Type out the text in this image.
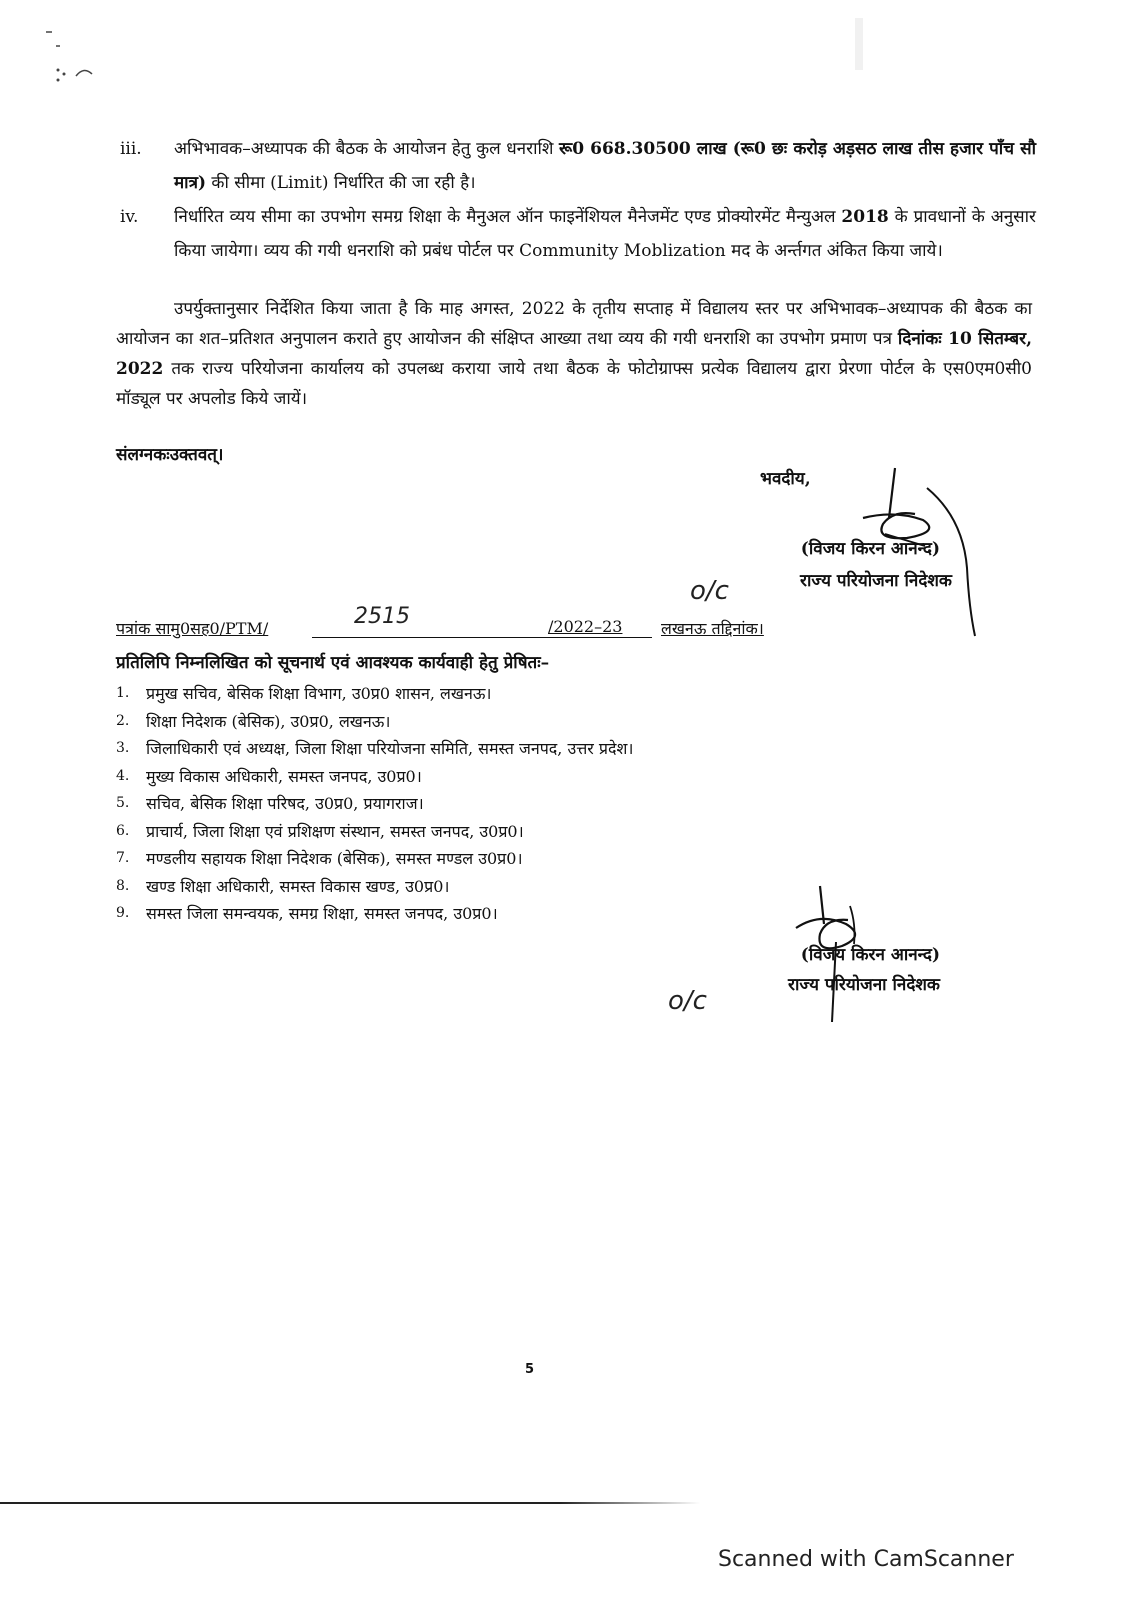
iii. अभिभावक–अध्यापक की बैठक के आयोजन हेतु कुल धनराशि रू0 668.30500 लाख (रू0 छः करोड़ अड़सठ लाख तीस हजार पाँच सौ मात्र) की सीमा (Limit) निर्धारित की जा रही है।
iv. निर्धारित व्यय सीमा का उपभोग समग्र शिक्षा के मैनुअल ऑन फाइनेंशियल मैनेजमेंट एण्ड प्रोक्योरमेंट मैन्युअल 2018 के प्रावधानों के अनुसार किया जायेगा। व्यय की गयी धनराशि को प्रबंध पोर्टल पर Community Moblization मद के अर्न्तगत अंकित किया जाये।
उपर्युक्तानुसार निर्देशित किया जाता है कि माह अगस्त, 2022 के तृतीय सप्ताह में विद्यालय स्तर पर अभिभावक–अध्यापक की बैठक का आयोजन का शत–प्रतिशत अनुपालन कराते हुए आयोजन की संक्षिप्त आख्या तथा व्यय की गयी धनराशि का उपभोग प्रमाण पत्र दिनांकः 10 सितम्बर, 2022 तक राज्य परियोजना कार्यालय को उपलब्ध कराया जाये तथा बैठक के फोटोग्राफ्स प्रत्येक विद्यालय द्वारा प्रेरणा पोर्टल के एस0एम0सी0 मॉड्यूल पर अपलोड किये जायें।
संलग्नकःउक्तवत्।
भवदीय,
(विजय किरन आनन्द)
राज्य परियोजना निदेशक
o/c
पत्रांक सामु0सह0/PTM/	/2022–23 लखनऊ तद्दिनांक।
2515
प्रतिलिपि निम्नलिखित को सूचनार्थ एवं आवश्यक कार्यवाही हेतु प्रेषितः–
1. प्रमुख सचिव, बेसिक शिक्षा विभाग, उ0प्र0 शासन, लखनऊ।
2. शिक्षा निदेशक (बेसिक), उ0प्र0, लखनऊ।
3. जिलाधिकारी एवं अध्यक्ष, जिला शिक्षा परियोजना समिति, समस्त जनपद, उत्तर प्रदेश।
4. मुख्य विकास अधिकारी, समस्त जनपद, उ0प्र0।
5. सचिव, बेसिक शिक्षा परिषद, उ0प्र0, प्रयागराज।
6. प्राचार्य, जिला शिक्षा एवं प्रशिक्षण संस्थान, समस्त जनपद, उ0प्र0।
7. मण्डलीय सहायक शिक्षा निदेशक (बेसिक), समस्त मण्डल उ0प्र0।
8. खण्ड शिक्षा अधिकारी, समस्त विकास खण्ड, उ0प्र0।
9. समस्त जिला समन्वयक, समग्र शिक्षा, समस्त जनपद, उ0प्र0।
(विजय किरन आनन्द)
राज्य परियोजना निदेशक
o/c
5
Scanned with CamScanner
